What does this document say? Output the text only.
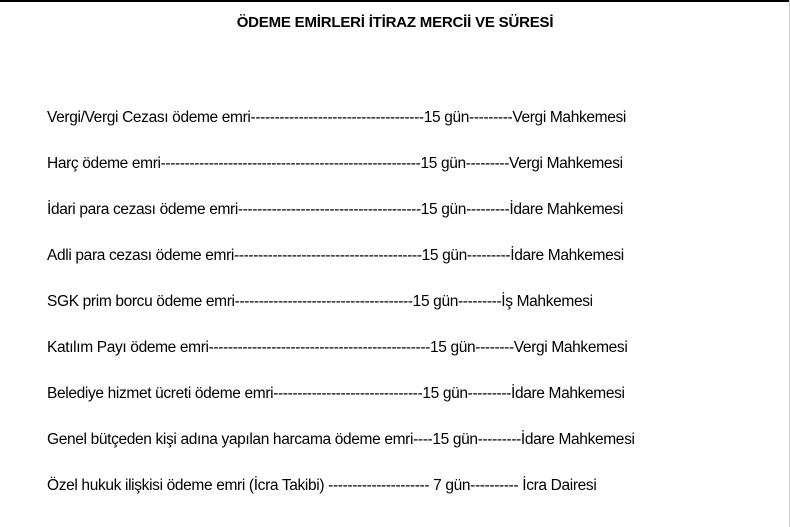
ÖDEME EMİRLERİ İTİRAZ MERCİİ VE SÜRESİ
Vergi/Vergi Cezası ödeme emri------------------------------------15 gün---------Vergi Mahkemesi
Harç ödeme emri------------------------------------------------------15 gün---------Vergi Mahkemesi
İdari para cezası ödeme emri--------------------------------------15 gün---------İdare Mahkemesi
Adli para cezası ödeme emri---------------------------------------15 gün---------İdare Mahkemesi
SGK prim borcu ödeme emri-------------------------------------15 gün---------İş Mahkemesi
Katılım Payı ödeme emri----------------------------------------------15 gün--------Vergi Mahkemesi
Belediye hizmet ücreti ödeme emri-------------------------------15 gün---------İdare Mahkemesi
Genel bütçeden kişi adına yapılan harcama ödeme emri----15 gün---------İdare Mahkemesi
Özel hukuk ilişkisi ödeme emri (İcra Takibi) --------------------- 7 gün---------- İcra Dairesi
